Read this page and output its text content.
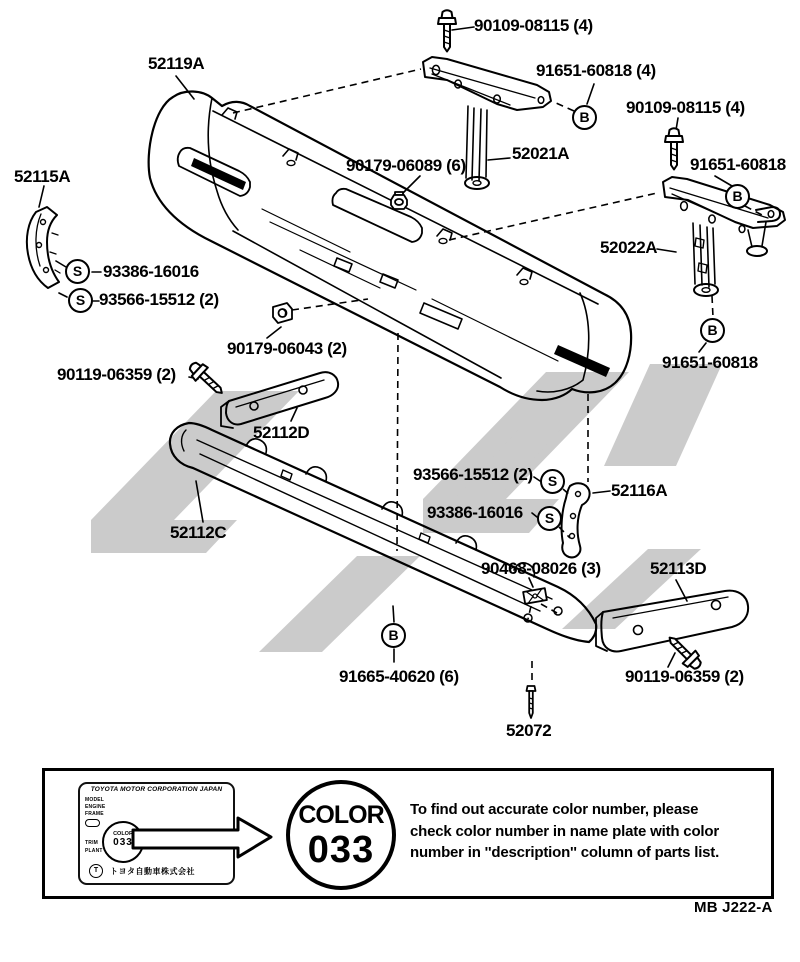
90109-08115 (4)
52119A	91651-60818 (4)
90109-08115 (4)
91651-60818
90179-06089 (6)
52021A
52115A
52022A
93386-16016
93566-15512 (2)
90179-06043 (2)
91651-60818
90119-06359 (2)
52112D
93566-15512 (2)
52116A
93386-16016
52112C
90468-08026 (3)	52113D
91665-40620 (6)	90119-06359 (2)
52072
S
S
S
S
B
B
B
B
TOYOTA MOTOR CORPORATION JAPAN
MODEL
ENGINE
FRAME
TRIM
PLANT
COLOR
033
T	トヨタ自動車株式会社
COLOR
033
To find out accurate color number, please
check color number in name plate with color
number in ''description'' column of parts list.
MB J222-A
